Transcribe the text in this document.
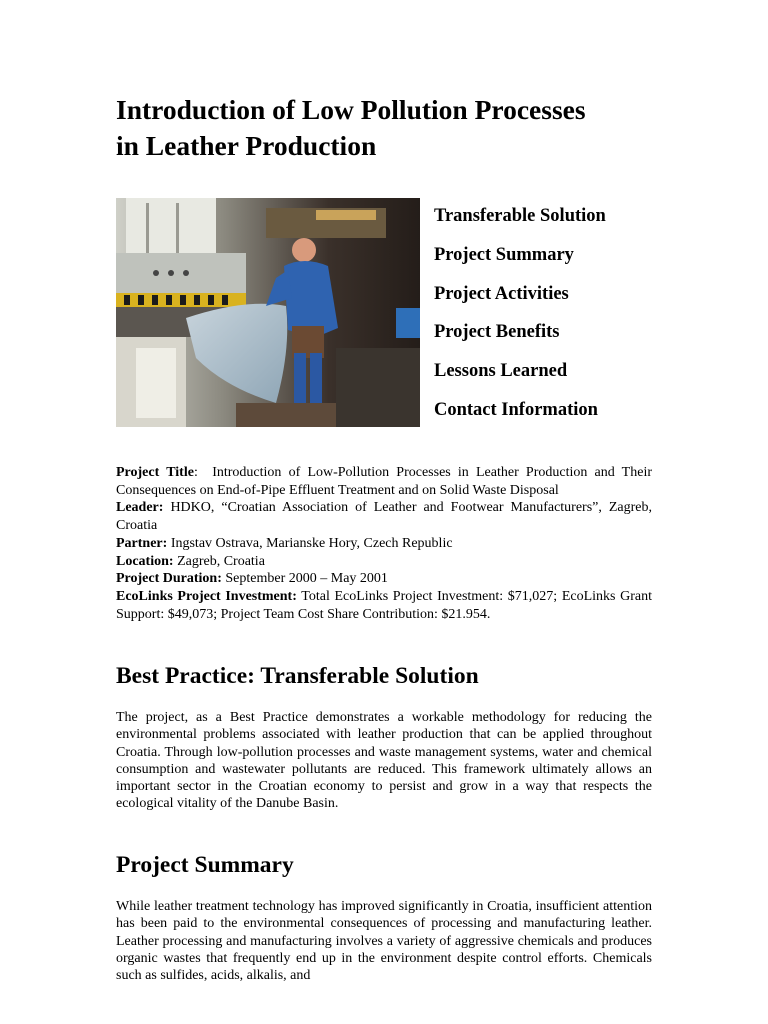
Introduction of Low Pollution Processes
in Leather Production
Transferable Solution
Project Summary
Project Activities
Project Benefits
Lessons Learned
Contact Information
Project Title: Introduction of Low-Pollution Processes in Leather Production and Their Consequences on End-of-Pipe Effluent Treatment and on Solid Waste Disposal
Leader: HDKO, “Croatian Association of Leather and Footwear Manufacturers”, Zagreb, Croatia
Partner: Ingstav Ostrava, Marianske Hory, Czech Republic
Location: Zagreb, Croatia
Project Duration: September 2000 – May 2001
EcoLinks Project Investment: Total EcoLinks Project Investment: $71,027; EcoLinks Grant Support: $49,073; Project Team Cost Share Contribution: $21.954.
Best Practice: Transferable Solution

The project, as a Best Practice demonstrates a workable methodology for reducing the environmental problems associated with leather production that can be applied throughout Croatia. Through low-pollution processes and waste management systems, water and chemical consumption and wastewater pollutants are reduced. This framework ultimately allows an important sector in the Croatian economy to persist and grow in a way that respects the ecological vitality of the Danube Basin.

Project Summary

While leather treatment technology has improved significantly in Croatia, insufficient attention has been paid to the environmental consequences of processing and manufacturing leather. Leather processing and manufacturing involves a variety of aggressive chemicals and produces organic wastes that frequently end up in the environment despite control efforts. Chemicals such as sulfides, acids, alkalis, and
